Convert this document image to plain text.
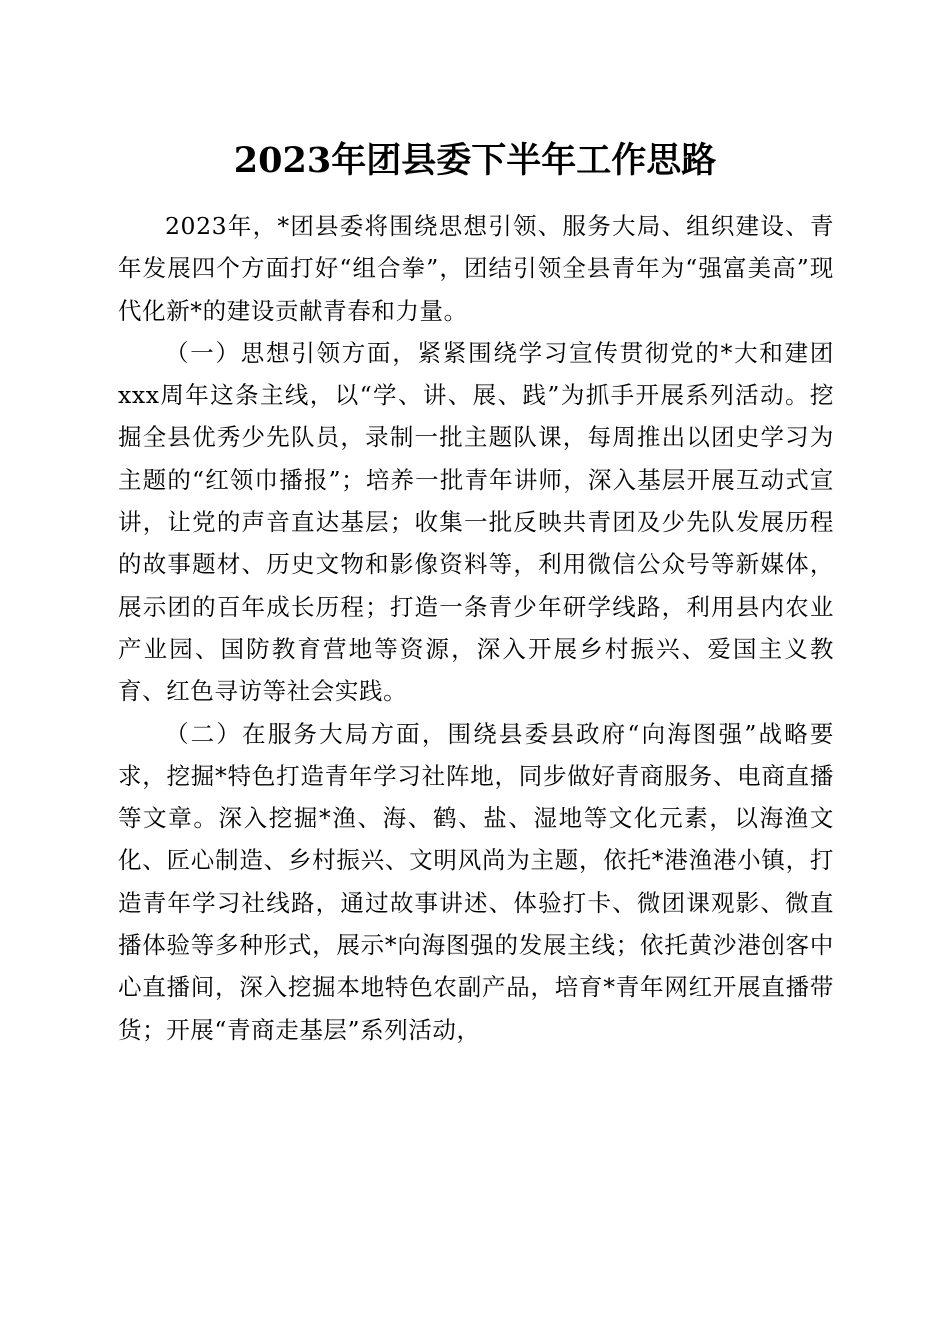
2023年团县委下半年工作思路

2023年，*团县委将围绕思想引领、服务大局、组织建设、青年发展四个方面打好“组合拳”，团结引领全县青年为“强富美高”现代化新*的建设贡献青春和力量。

（一）思想引领方面，紧紧围绕学习宣传贯彻党的*大和建团xxx周年这条主线，以“学、讲、展、践”为抓手开展系列活动。挖掘全县优秀少先队员，录制一批主题队课，每周推出以团史学习为主题的“红领巾播报”；培养一批青年讲师，深入基层开展互动式宣讲，让党的声音直达基层；收集一批反映共青团及少先队发展历程的故事题材、历史文物和影像资料等，利用微信公众号等新媒体，展示团的百年成长历程；打造一条青少年研学线路，利用县内农业产业园、国防教育营地等资源，深入开展乡村振兴、爱国主义教育、红色寻访等社会实践。

（二）在服务大局方面，围绕县委县政府“向海图强”战略要求，挖掘*特色打造青年学习社阵地，同步做好青商服务、电商直播等文章。深入挖掘*渔、海、鹤、盐、湿地等文化元素，以海渔文化、匠心制造、乡村振兴、文明风尚为主题，依托*港渔港小镇，打造青年学习社线路，通过故事讲述、体验打卡、微团课观影、微直播体验等多种形式，展示*向海图强的发展主线；依托黄沙港创客中心直播间，深入挖掘本地特色农副产品，培育*青年网红开展直播带货；开展“青商走基层”系列活动，
